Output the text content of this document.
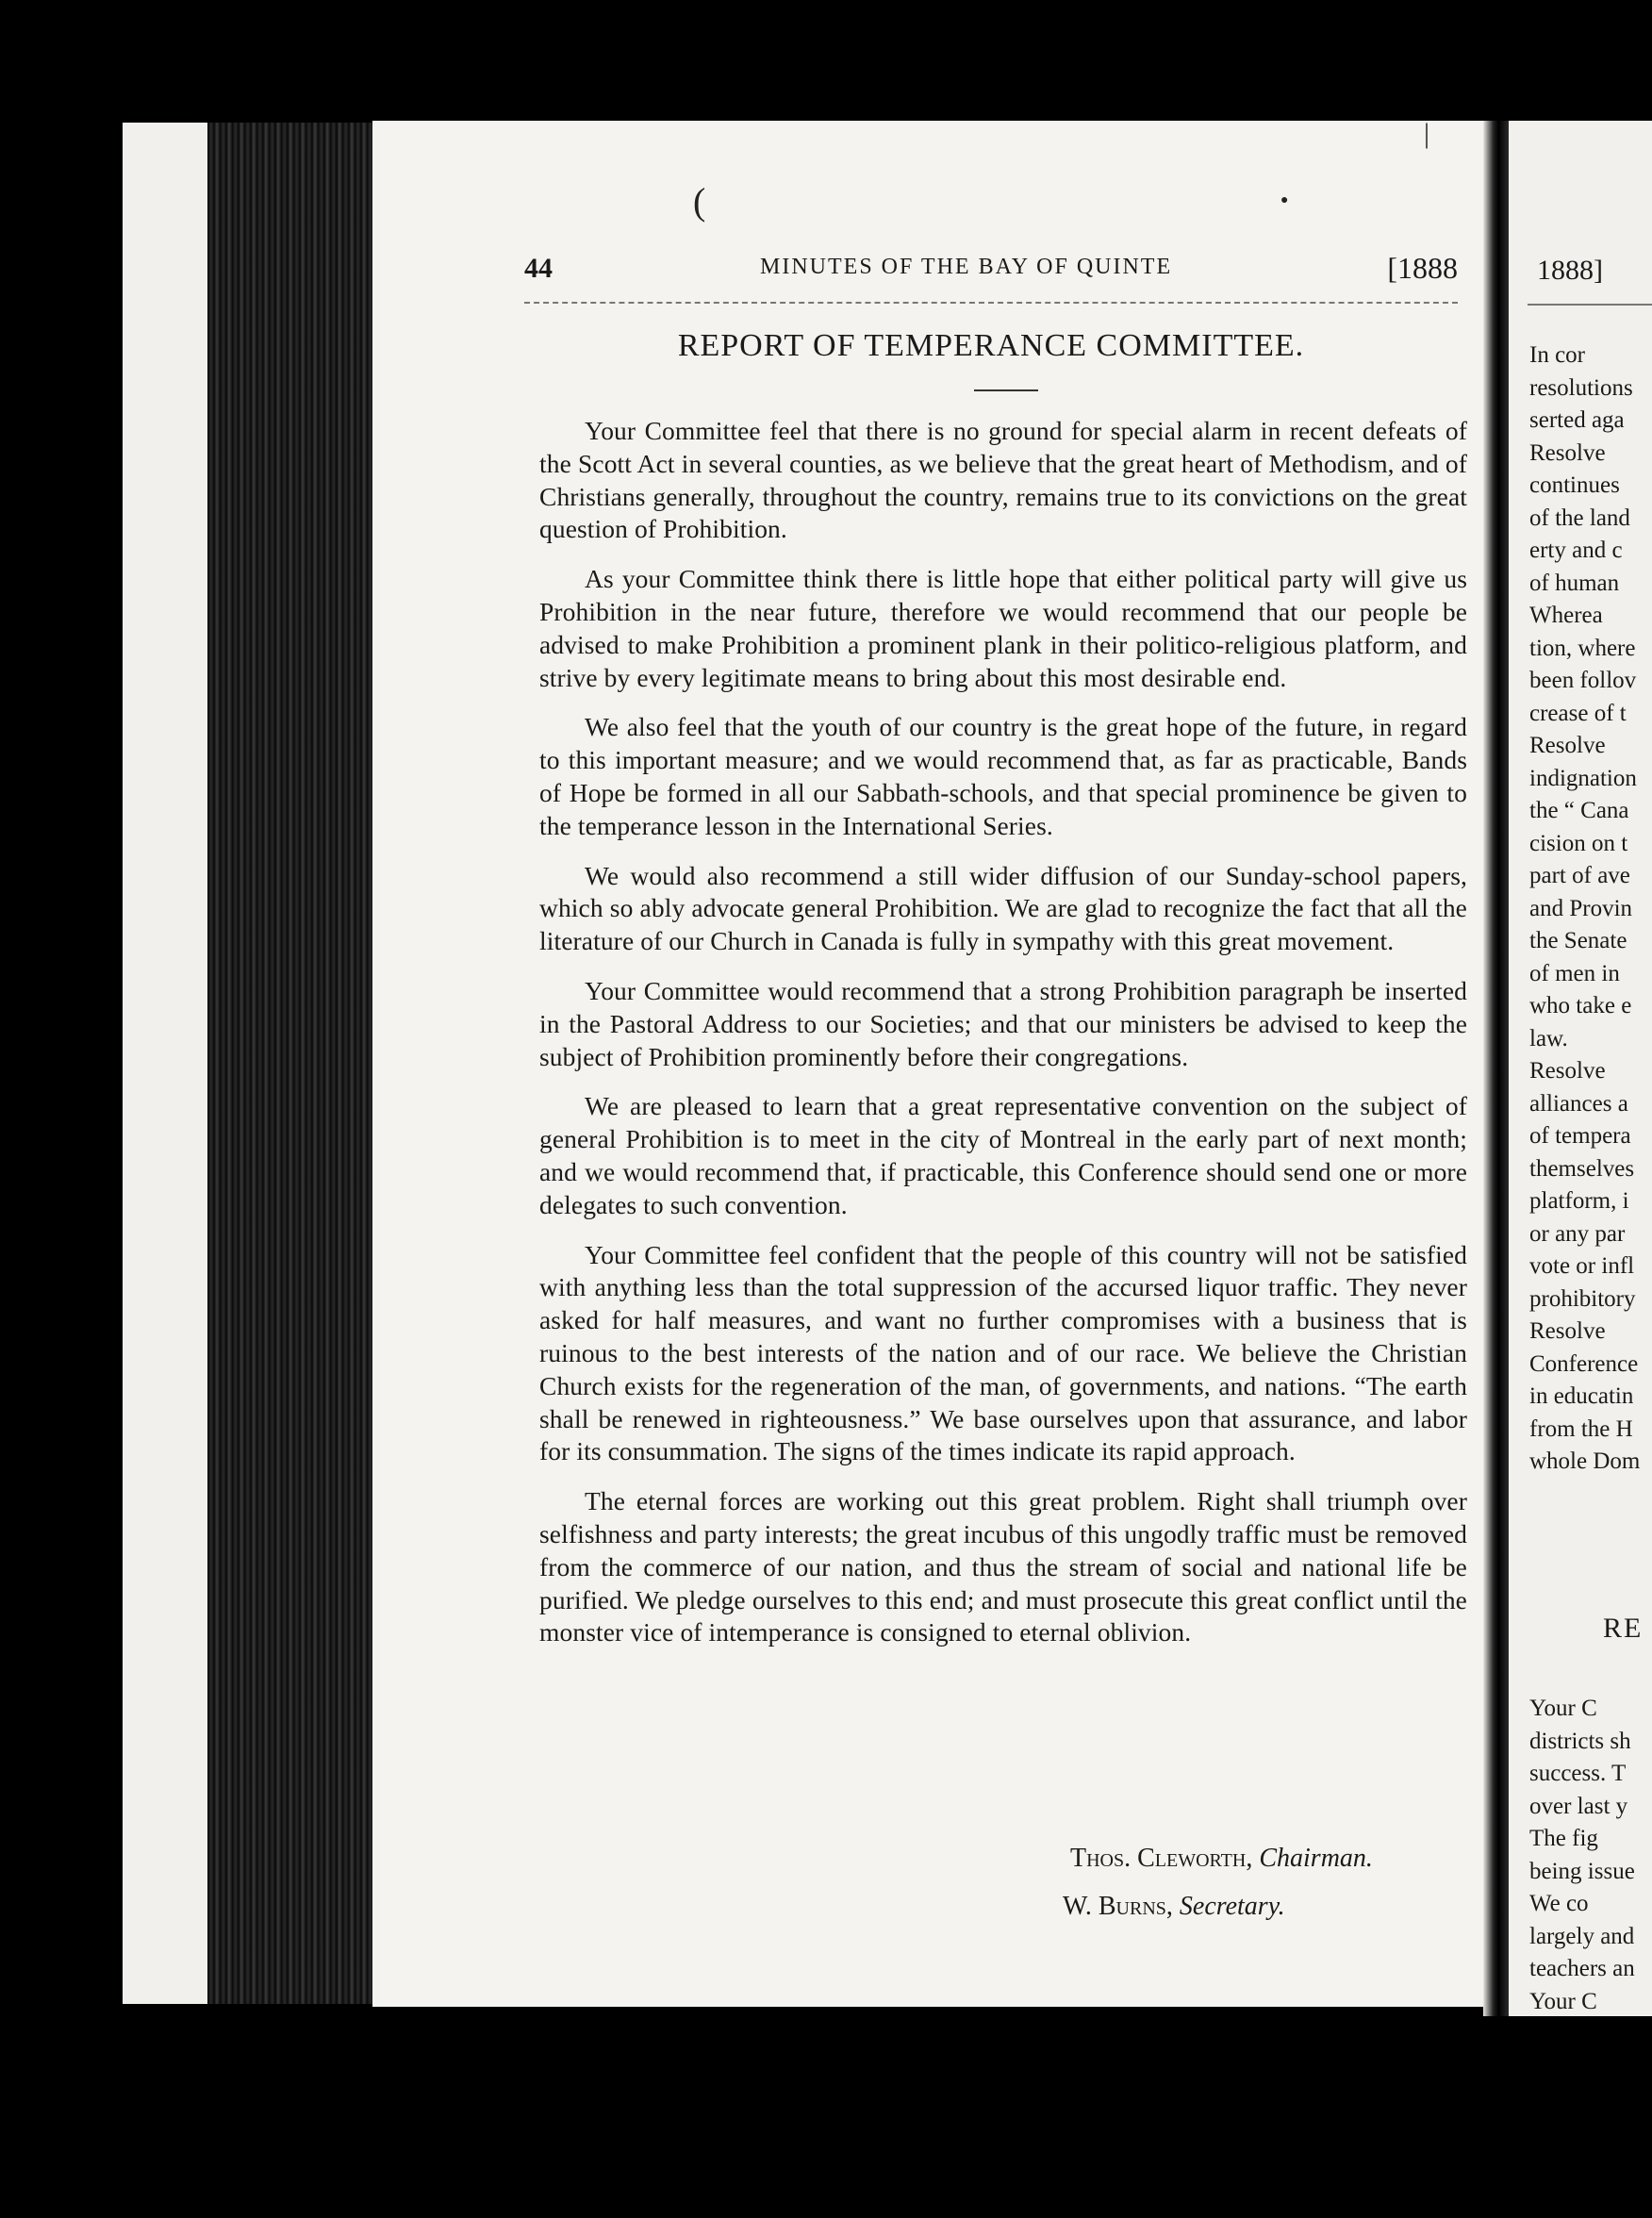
(	●
|
44	MINUTES OF THE BAY OF QUINTE	[1888
REPORT OF TEMPERANCE COMMITTEE.

Your Committee feel that there is no ground for special alarm in recent defeats of the Scott Act in several counties, as we believe that the great heart of Methodism, and of Christians generally, throughout the country, remains true to its convictions on the great question of Prohibition.

As your Committee think there is little hope that either political party will give us Prohibition in the near future, therefore we would recommend that our people be advised to make Prohibition a prominent plank in their politico-religious platform, and strive by every legitimate means to bring about this most desirable end.

We also feel that the youth of our country is the great hope of the future, in regard to this important measure; and we would recommend that, as far as practicable, Bands of Hope be formed in all our Sabbath-schools, and that special prominence be given to the temperance lesson in the International Series.

We would also recommend a still wider diffusion of our Sunday-school papers, which so ably advocate general Prohibition. We are glad to recognize the fact that all the literature of our Church in Canada is fully in sympathy with this great movement.

Your Committee would recommend that a strong Prohibition paragraph be inserted in the Pastoral Address to our Societies; and that our ministers be advised to keep the subject of Prohibition prominently before their congregations.

We are pleased to learn that a great representative convention on the subject of general Prohibition is to meet in the city of Montreal in the early part of next month; and we would recommend that, if practicable, this Conference should send one or more delegates to such convention.

Your Committee feel confident that the people of this country will not be satisfied with anything less than the total suppression of the accursed liquor traffic. They never asked for half measures, and want no further compromises with a business that is ruinous to the best interests of the nation and of our race. We believe the Christian Church exists for the regeneration of the man, of governments, and nations. “The earth shall be renewed in righteousness.” We base ourselves upon that assurance, and labor for its consummation. The signs of the times indicate its rapid approach.

The eternal forces are working out this great problem. Right shall triumph over selfishness and party interests; the great incubus of this ungodly traffic must be removed from the commerce of our nation, and thus the stream of social and national life be purified. We pledge ourselves to this end; and must prosecute this great conflict until the monster vice of intemperance is consigned to eternal oblivion.

Thos. Cleworth, Chairman.
W. Burns, Secretary.
1888]
In cor
resolutions
serted aga
Resolve
continues
of the land
erty and c
of human
Wherea
tion, where
been follov
crease of t
Resolve
indignation
the “ Cana
cision on t
part of ave
and Provin
the Senate
of men in
who take e
law.
Resolve
alliances a
of tempera
themselves
platform, i
or any par
vote or infl
prohibitory
Resolve
Conference
in educatin
from the H
whole Dom
RE
Your C
districts sh
success. T
over last y
The fig
being issue
We co
largely and
teachers an
Your C
